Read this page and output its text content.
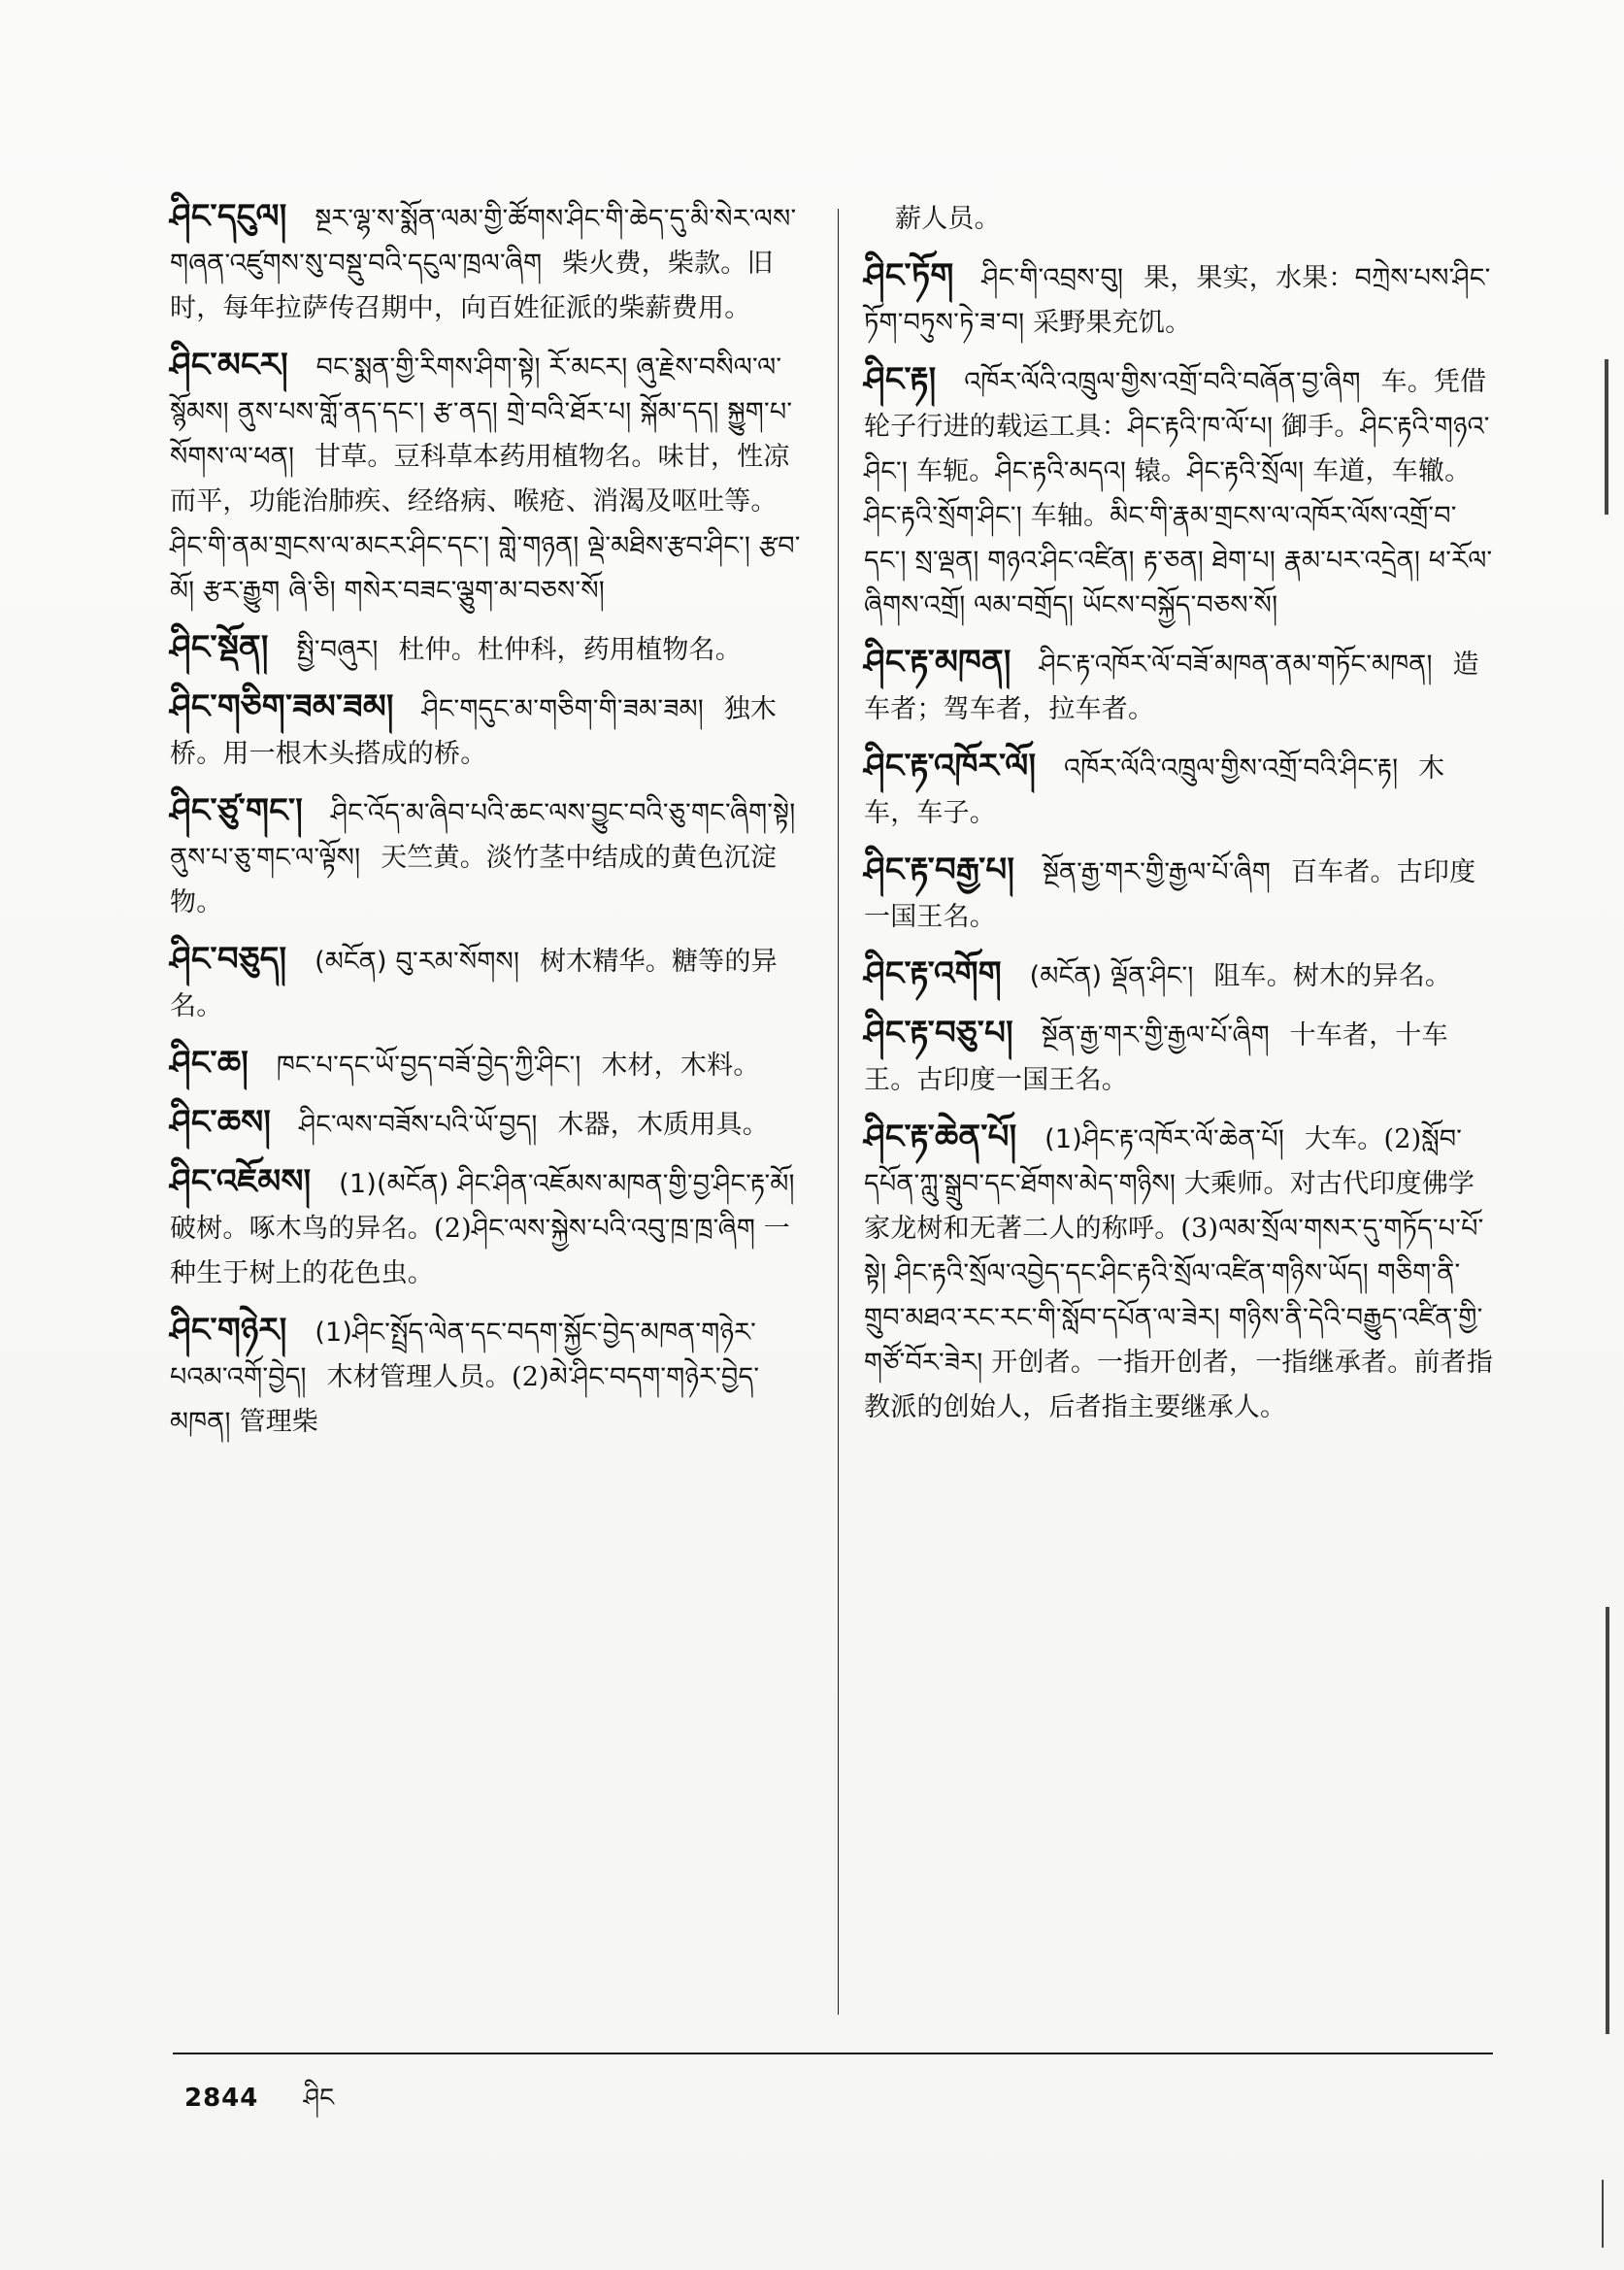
ཤིང་དངུལ། སྔར་ལྷ་ས་སྨོན་ལམ་གྱི་ཚོགས་ཤིང་གི་ཆེད་དུ་མི་སེར་ལས་གཞན་འཛུགས་སུ་བསྡུ་བའི་དངུལ་ཁྲལ་ཞིག 柴火费，柴款。旧时，每年拉萨传召期中，向百姓征派的柴薪费用。
ཤིང་མངར། བང་སྨན་གྱི་རིགས་ཤིག་སྟེ། རོ་མངར། ཞུ་རྗེས་བསིལ་ལ་སྙོམས། ནུས་པས་གློ་ནད་དང་། རྩ་ནད། གྲེ་བའི་ཐོར་པ། སྐོམ་དད། སྐྱུག་པ་སོགས་ལ་ཕན། 甘草。豆科草本药用植物名。味甘，性凉而平，功能治肺疾、经络病、喉疮、消渴及呕吐等。ཤིང་གི་ནམ་གྲངས་ལ་མངར་ཤིང་དང་། གླེ་གཉན། ལྡེ་མཐིས་རྩབ་ཤིང་། རྩབ་མོ། རྩར་རྒྱུག ཞི་ཅི། གསེར་བཟང་ལྕུག་མ་བཅས་སོ།
ཤིང་སྡོན། སྤྱི་བཞུར། 杜仲。杜仲科，药用植物名。
ཤིང་གཅིག་ཟམ་ཟམ། ཤིང་གདུང་མ་གཅིག་གི་ཟམ་ཟམ། 独木桥。用一根木头搭成的桥。
ཤིང་ཙུ་གང་། ཤིང་འོད་མ་ཞིབ་པའི་ཆང་ལས་བྱུང་བའི་ཅུ་གང་ཞིག་སྟེ། ནུས་པ་ཅུ་གང་ལ་ལྟོས། 天竺黄。淡竹茎中结成的黄色沉淀物。
ཤིང་བཅུད། (མངོན) བུ་རམ་སོགས། 树木精华。糖等的异名。
ཤིང་ཆ། ཁང་པ་དང་ཡོ་བྱད་བཟོ་བྱེད་ཀྱི་ཤིང་། 木材，木料。
ཤིང་ཆས། ཤིང་ལས་བཟོས་པའི་ཡོ་བྱད། 木器，木质用具。
ཤིང་འཇོམས། (1)(མངོན) ཤིང་ཤིན་འཇོམས་མཁན་གྱི་བྱ་ཤིང་རྟ་མོ། 破树。啄木鸟的异名。(2)ཤིང་ལས་སྐྱེས་པའི་འབུ་ཁྲ་ཁྲ་ཞིག 一种生于树上的花色虫。
ཤིང་གཉེར། (1)ཤིང་སྤྲོད་ལེན་དང་བདག་སྐྱོང་བྱེད་མཁན་གཉེར་པའམ་འགོ་བྱེད། 木材管理人员。(2)མེ་ཤིང་བདག་གཉེར་བྱེད་མཁན། 管理柴
薪人员。
ཤིང་ཏོག ཤིང་གི་འབྲས་བུ། 果，果实，水果：བཀྲེས་པས་ཤིང་ཏོག་བཏུས་ཏེ་ཟ་བ། 采野果充饥。
ཤིང་རྟ། འཁོར་ལོའི་འཁྲུལ་གྱིས་འགྲོ་བའི་བཞོན་བྱ་ཞིག 车。凭借轮子行进的载运工具：ཤིང་རྟའི་ཁ་ལོ་པ། 御手。ཤིང་རྟའི་གཉའ་ཤིང་། 车轭。ཤིང་རྟའི་མདའ། 辕。ཤིང་རྟའི་སྲོལ། 车道，车辙。ཤིང་རྟའི་སྲོག་ཤིང་། 车轴。མིང་གི་རྣམ་གྲངས་ལ་འཁོར་ལོས་འགྲོ་བ་དང་། སྲ་ལྡན། གཉའ་ཤིང་འཛིན། རྟ་ཅན། ཐེག་པ། རྣམ་པར་འདྲེན། ཕ་རོལ་ཞིགས་འགྲོ། ལམ་བགྲོད། ཡོངས་བསྐྱོད་བཅས་སོ།
ཤིང་རྟ་མཁན། ཤིང་རྟ་འཁོར་ལོ་བཟོ་མཁན་ནམ་གཏོང་མཁན། 造车者；驾车者，拉车者。
ཤིང་རྟ་འཁོར་ལོ། འཁོར་ལོའི་འཁྲུལ་གྱིས་འགྲོ་བའི་ཤིང་རྟ། 木车，车子。
ཤིང་རྟ་བརྒྱ་པ། སྔོན་རྒྱ་གར་གྱི་རྒྱལ་པོ་ཞིག 百车者。古印度一国王名。
ཤིང་རྟ་འགོག (མངོན) ལྡོན་ཤིང་། 阻车。树木的异名。
ཤིང་རྟ་བཅུ་པ། སྔོན་རྒྱ་གར་གྱི་རྒྱལ་པོ་ཞིག 十车者，十车王。古印度一国王名。
ཤིང་རྟ་ཆེན་པོ། (1)ཤིང་རྟ་འཁོར་ལོ་ཆེན་པོ། 大车。(2)སློབ་དཔོན་ཀླུ་སྒྲུབ་དང་ཐོགས་མེད་གཉིས། 大乘师。对古代印度佛学家龙树和无著二人的称呼。(3)ལམ་སྲོལ་གསར་དུ་གཏོད་པ་པོ་སྟེ། ཤིང་རྟའི་སྲོལ་འབྱེད་དང་ཤིང་རྟའི་སྲོལ་འཛིན་གཉིས་ཡོད། གཅིག་ནི་གྲུབ་མཐའ་རང་རང་གི་སློབ་དཔོན་ལ་ཟེར། གཉིས་ནི་དེའི་བརྒྱུད་འཛིན་གྱི་གཙོ་བོར་ཟེར། 开创者。一指开创者，一指继承者。前者指教派的创始人，后者指主要继承人。
2844 ཤིང
